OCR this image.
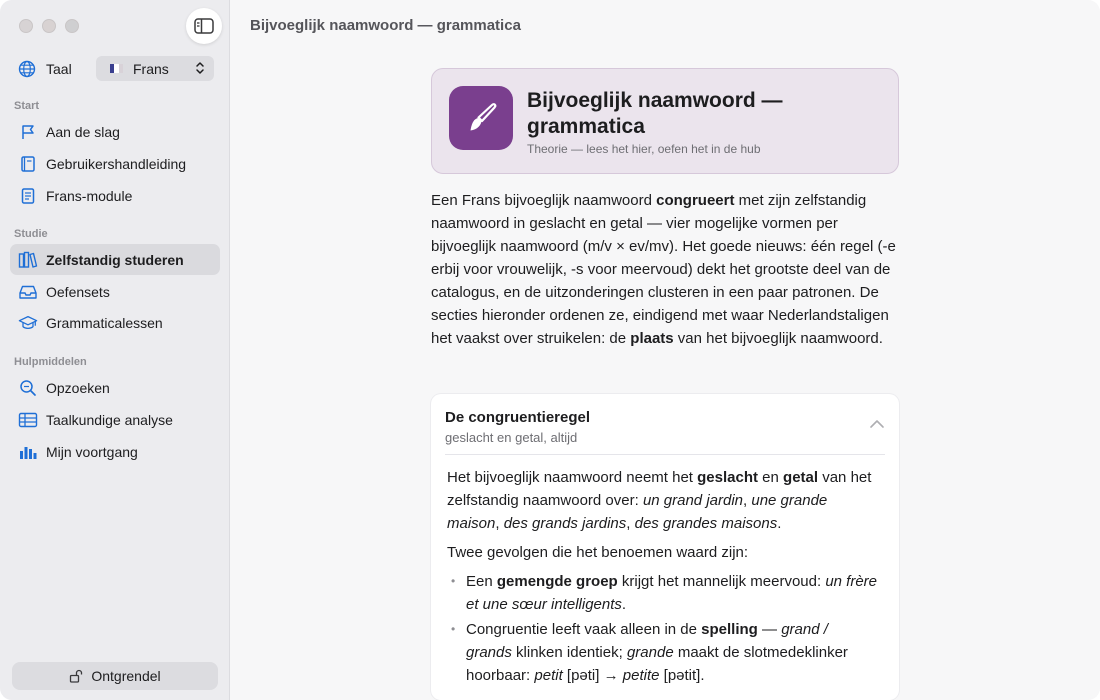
Taal	Frans
Start
Aan de slag
Gebruikershandleiding
Frans-module
Studie
Zelfstandig studeren
Oefensets
Grammaticalessen
Hulpmiddelen
Opzoeken
Taalkundige analyse
Mijn voortgang
Ontgrendel
Bijvoeglijk naamwoord — grammatica
Bijvoeglijk naamwoord — grammatica
Theorie — lees het hier, oefen het in de hub

Een Frans bijvoeglijk naamwoord congrueert met zijn zelfstandig naamwoord in geslacht en getal — vier mogelijke vormen per bijvoeglijk naamwoord (m/v × ev/mv). Het goede nieuws: één regel (-e erbij voor vrouwelijk, -s voor meervoud) dekt het grootste deel van de catalogus, en de uitzonderingen clusteren in een paar patronen. De secties hieronder ordenen ze, eindigend met waar Nederlandstaligen het vaakst over struikelen: de plaats van het bijvoeglijk naamwoord.

De congruentieregel
geslacht en getal, altijd

Het bijvoeglijk naamwoord neemt het geslacht en getal van het zelfstandig naamwoord over: un grand jardin, une grande maison, des grands jardins, des grandes maisons.

Twee gevolgen die het benoemen waard zijn:

• Een gemengde groep krijgt het mannelijk meervoud: un frère et une sœur intelligents.
• Congruentie leeft vaak alleen in de spelling — grand / grands klinken identiek; grande maakt de slotmedeklinker hoorbaar: petit [pəti] → petite [pətit].
